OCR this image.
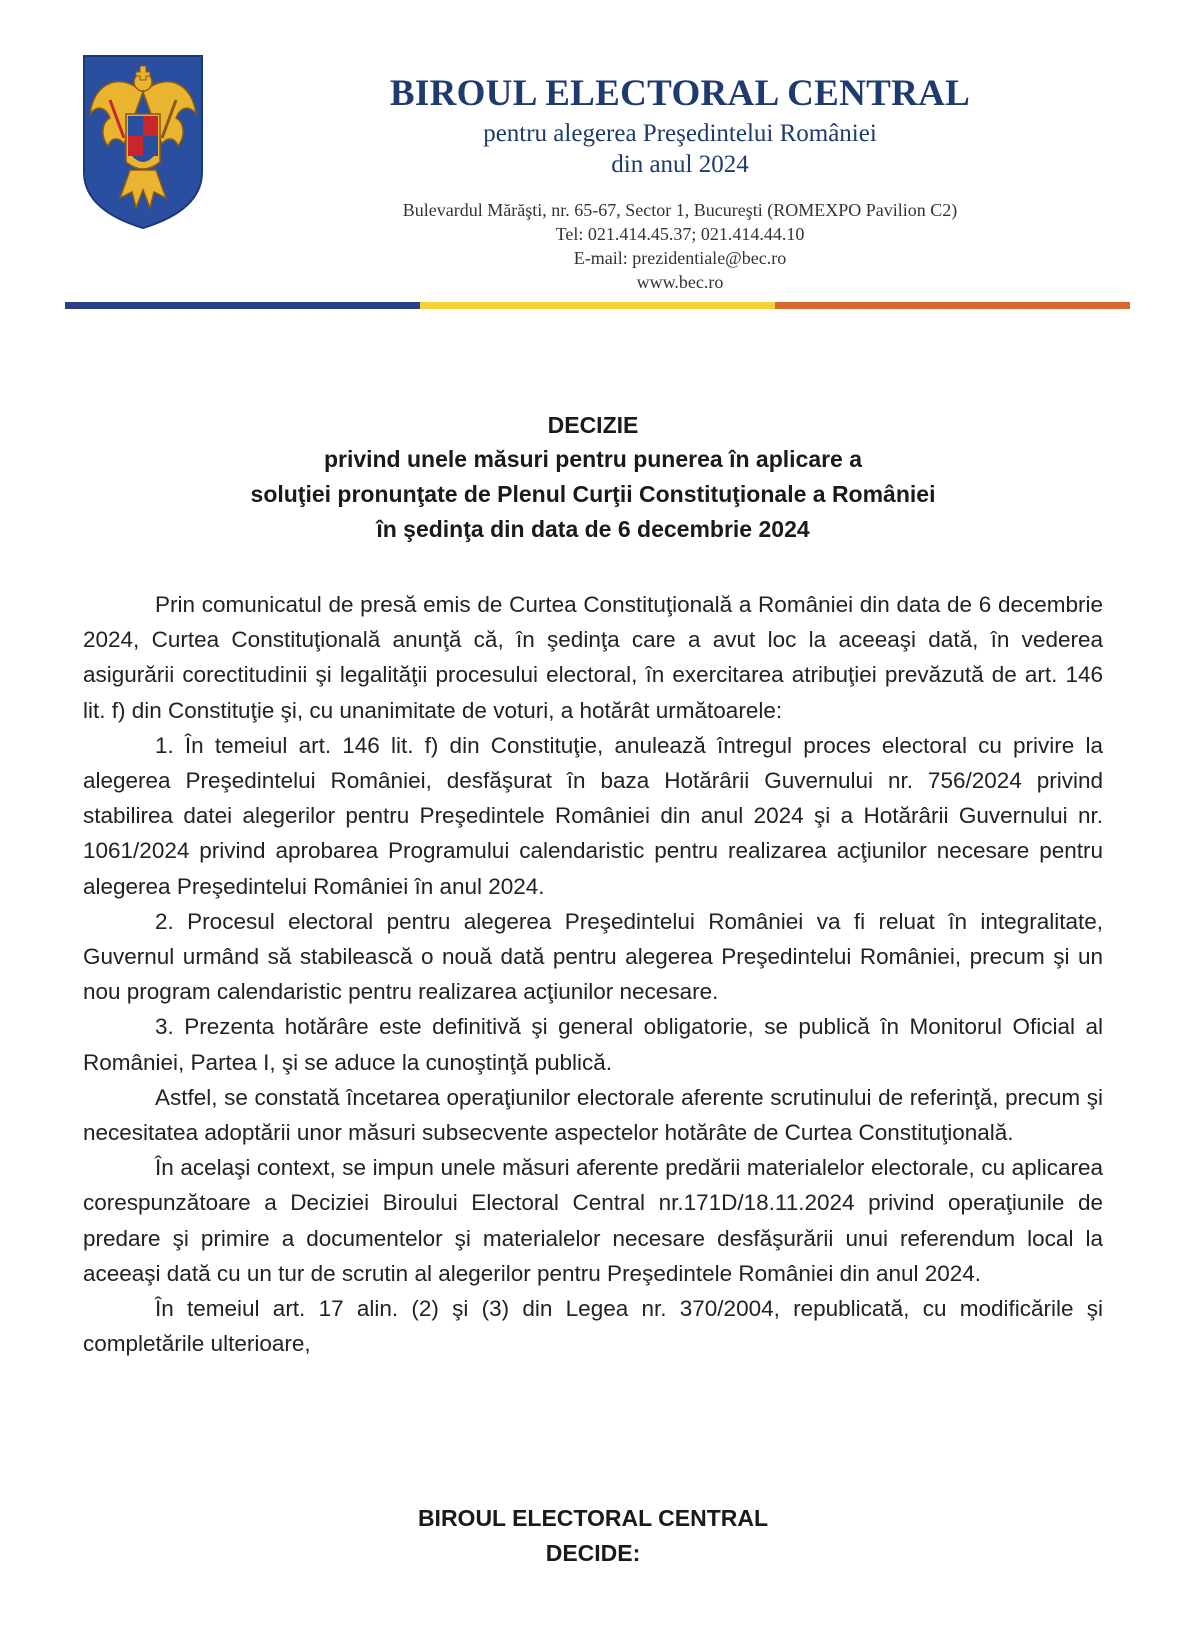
BIROUL ELECTORAL CENTRAL
pentru alegerea Preşedintelui României
din anul 2024
Bulevardul Mărăşti, nr. 65-67, Sector 1, Bucureşti (ROMEXPO Pavilion C2)
Tel: 021.414.45.37; 021.414.44.10
E-mail: prezidentiale@bec.ro
www.bec.ro
DECIZIE
privind unele măsuri pentru punerea în aplicare a
soluţiei pronunţate de Plenul Curţii Constituţionale a României
în şedinţa din data de 6 decembrie 2024

Prin comunicatul de presă emis de Curtea Constituţională a României din data de 6 decembrie 2024, Curtea Constituţională anunţă că, în şedinţa care a avut loc la aceeaşi dată, în vederea asigurării corectitudinii şi legalităţii procesului electoral, în exercitarea atribuţiei prevăzută de art. 146 lit. f) din Constituţie şi, cu unanimitate de voturi, a hotărât următoarele:

1. În temeiul art. 146 lit. f) din Constituţie, anulează întregul proces electoral cu privire la alegerea Preşedintelui României, desfăşurat în baza Hotărârii Guvernului nr. 756/2024 privind stabilirea datei alegerilor pentru Preşedintele României din anul 2024 şi a Hotărârii Guvernului nr. 1061/2024 privind aprobarea Programului calendaristic pentru realizarea acţiunilor necesare pentru alegerea Preşedintelui României în anul 2024.

2. Procesul electoral pentru alegerea Preşedintelui României va fi reluat în integralitate, Guvernul urmând să stabilească o nouă dată pentru alegerea Preşedintelui României, precum şi un nou program calendaristic pentru realizarea acţiunilor necesare.

3. Prezenta hotărâre este definitivă şi general obligatorie, se publică în Monitorul Oficial al României, Partea I, şi se aduce la cunoştinţă publică.

Astfel, se constată încetarea operaţiunilor electorale aferente scrutinului de referinţă, precum şi necesitatea adoptării unor măsuri subsecvente aspectelor hotărâte de Curtea Constituţională.

În acelaşi context, se impun unele măsuri aferente predării materialelor electorale, cu aplicarea corespunzătoare a Deciziei Biroului Electoral Central nr.171D/18.11.2024 privind operaţiunile de predare şi primire a documentelor şi materialelor necesare desfăşurării unui referendum local la aceeaşi dată cu un tur de scrutin al alegerilor pentru Preşedintele României din anul 2024.

În temeiul art. 17 alin. (2) şi (3) din Legea nr. 370/2004, republicată, cu modificările şi completările ulterioare,

BIROUL ELECTORAL CENTRAL
DECIDE:
